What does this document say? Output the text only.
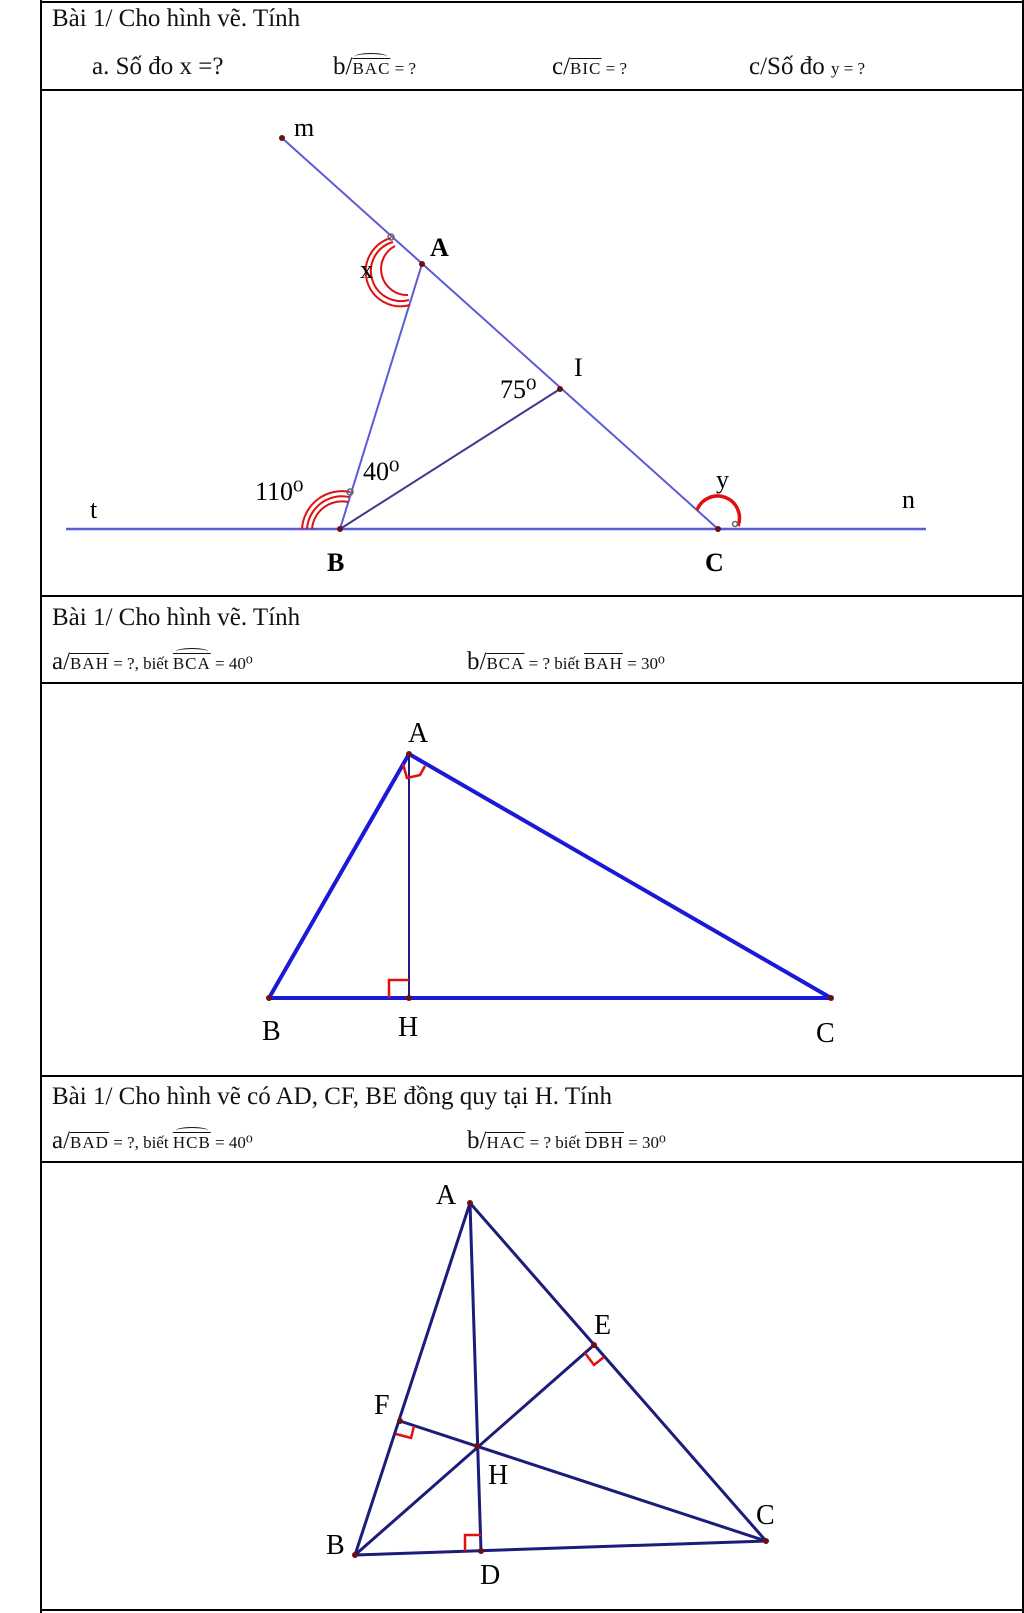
Bài 1/ Cho hình vẽ. Tính
a. Số đo x =?	$b/\overline{BAC}$ = ?	$c/\overline{BIC}$ = ?	c/Số đo y = ?
Bài 1/ Cho hình vẽ. Tính
$a/\overline{BAH}$ = ?, biết $\overline{BCA} = 40^0$	$b/\overline{BCA}$ = ? biết $\overline{BAH} = 30^0$
Bài 1/ Cho hình vẽ có AD, CF, BE đồng quy tại H. Tính
$a/\overline{BAD}$ = ?, biết $\overline{HCB} = 40^0$	$b/\overline{HAC}$ = ? biết $\overline{DBH} = 30^0$
m
A
I
t
B	C
n
x
110⁰
40⁰
75⁰
y
A
B	H	C
A
E
F
H
B
D
C
